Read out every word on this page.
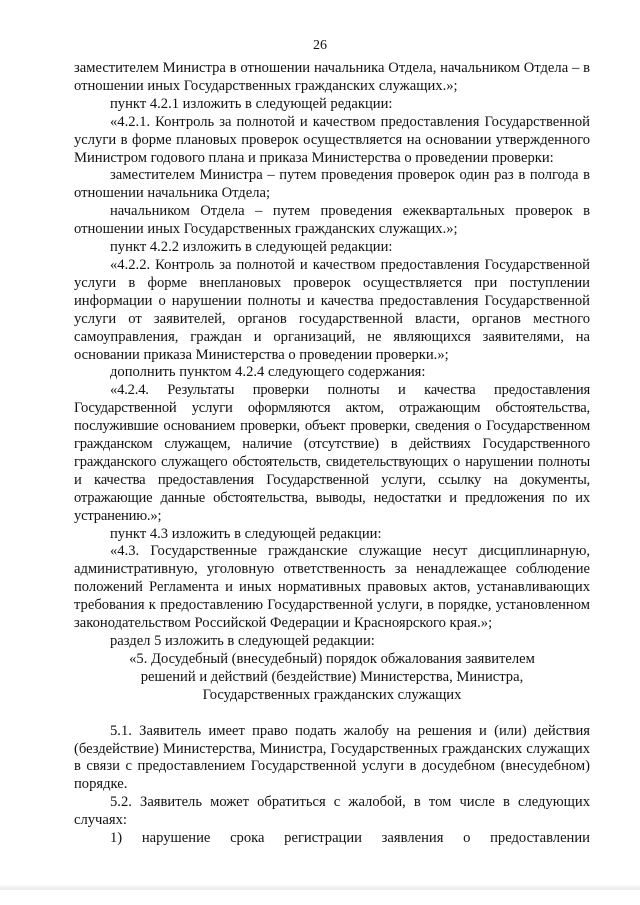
26

заместителем Министра в отношении начальника Отдела, начальником Отдела – в отношении иных Государственных гражданских служащих.»;

пункт 4.2.1 изложить в следующей редакции:

«4.2.1. Контроль за полнотой и качеством предоставления Государственной услуги в форме плановых проверок осуществляется на основании утвержденного Министром годового плана и приказа Министерства о проведении проверки:

заместителем Министра – путем проведения проверок один раз в полгода в отношении начальника Отдела;

начальником Отдела – путем проведения ежеквартальных проверок в отношении иных Государственных гражданских служащих.»;

пункт 4.2.2 изложить в следующей редакции:

«4.2.2. Контроль за полнотой и качеством предоставления Государственной услуги в форме внеплановых проверок осуществляется при поступлении информации о нарушении полноты и качества предоставления Государственной услуги от заявителей, органов государственной власти, органов местного самоуправления, граждан и организаций, не являющихся заявителями, на основании приказа Министерства о проведении проверки.»;

дополнить пунктом 4.2.4 следующего содержания:

«4.2.4. Результаты проверки полноты и качества предоставления Государственной услуги оформляются актом, отражающим обстоятельства, послужившие основанием проверки, объект проверки, сведения о Государственном гражданском служащем, наличие (отсутствие) в действиях Государственного гражданского служащего обстоятельств, свидетельствующих о нарушении полноты и качества предоставления Государственной услуги, ссылку на документы, отражающие данные обстоятельства, выводы, недостатки и предложения по их устранению.»;

пункт 4.3 изложить в следующей редакции:

«4.3. Государственные гражданские служащие несут дисциплинарную, административную, уголовную ответственность за ненадлежащее соблюдение положений Регламента и иных нормативных правовых актов, устанавливающих требования к предоставлению Государственной услуги, в порядке, установленном законодательством Российской Федерации и Красноярского края.»;

раздел 5 изложить в следующей редакции:

«5. Досудебный (внесудебный) порядок обжалования заявителем

решений и действий (бездействие) Министерства, Министра,

Государственных гражданских служащих

5.1. Заявитель имеет право подать жалобу на решения и (или) действия (бездействие) Министерства, Министра, Государственных гражданских служащих в связи с предоставлением Государственной услуги в досудебном (внесудебном) порядке.

5.2. Заявитель может обратиться с жалобой, в том числе в следующих случаях:

1) нарушение срока регистрации заявления о предоставлении
